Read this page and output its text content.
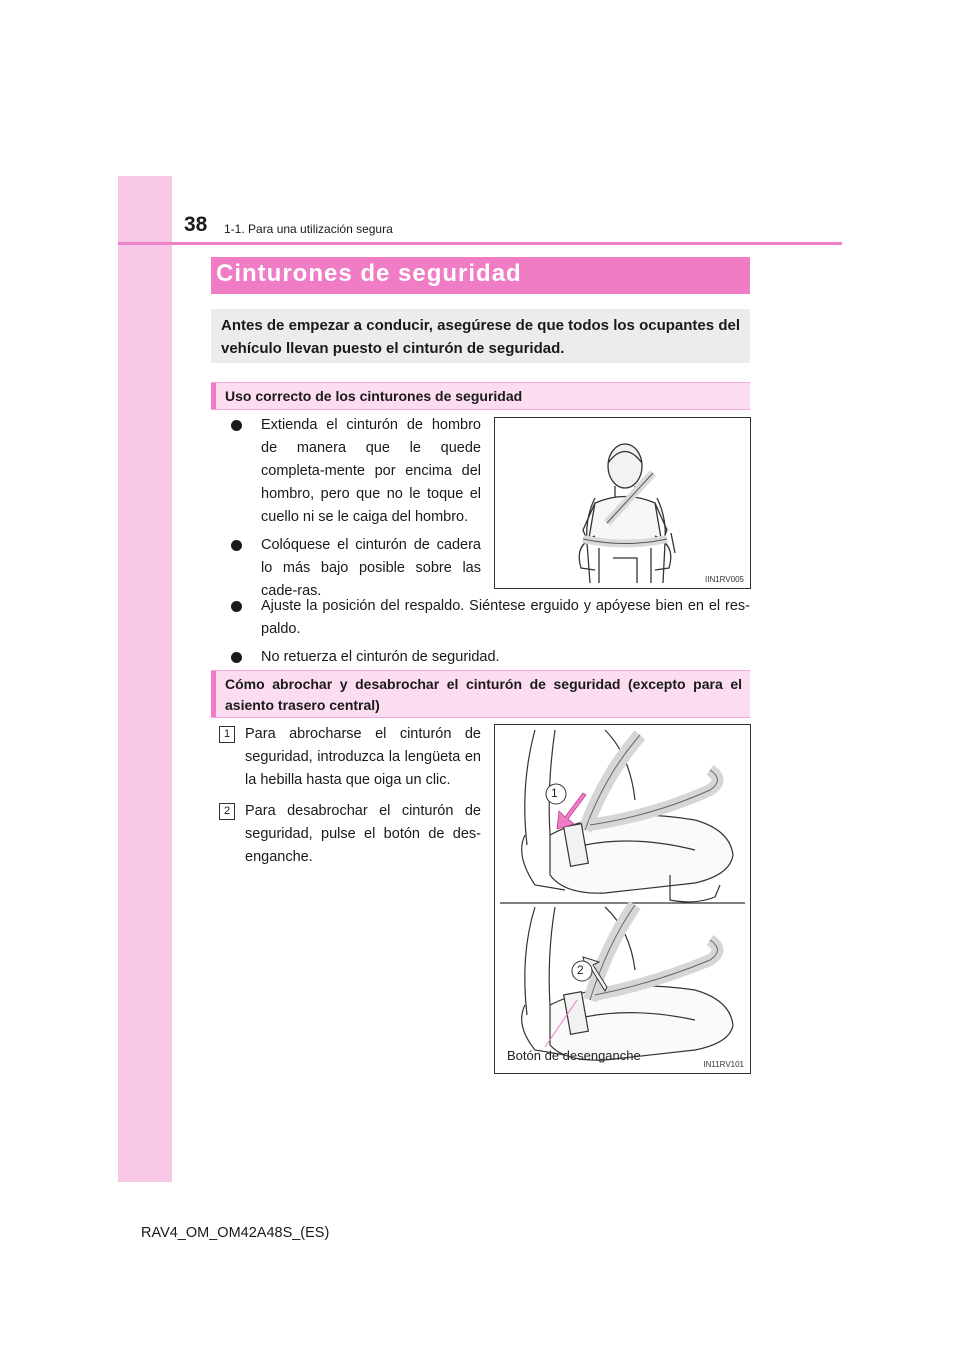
38 1-1. Para una utilización segura
Cinturones de seguridad
Antes de empezar a conducir, asegúrese de que todos los ocupantes del vehículo llevan puesto el cinturón de seguridad.
Uso correcto de los cinturones de seguridad
Extienda el cinturón de hombro de manera que le quede completa-mente por encima del hombro, pero que no le toque el cuello ni se le caiga del hombro.
Colóquese el cinturón de cadera lo más bajo posible sobre las cade-ras.
IIN1RV005
Ajuste la posición del respaldo. Siéntese erguido y apóyese bien en el res-paldo.
No retuerza el cinturón de seguridad.
Cómo abrochar y desabrochar el cinturón de seguridad (excepto para el asiento trasero central)
1	Para abrocharse el cinturón de seguridad, introduzca la lengüeta en la hebilla hasta que oiga un clic.
2	Para desabrochar el cinturón de seguridad, pulse el botón de des-enganche.
1
2
Botón de desenganche
IN11RV101
RAV4_OM_OM42A48S_(ES)
